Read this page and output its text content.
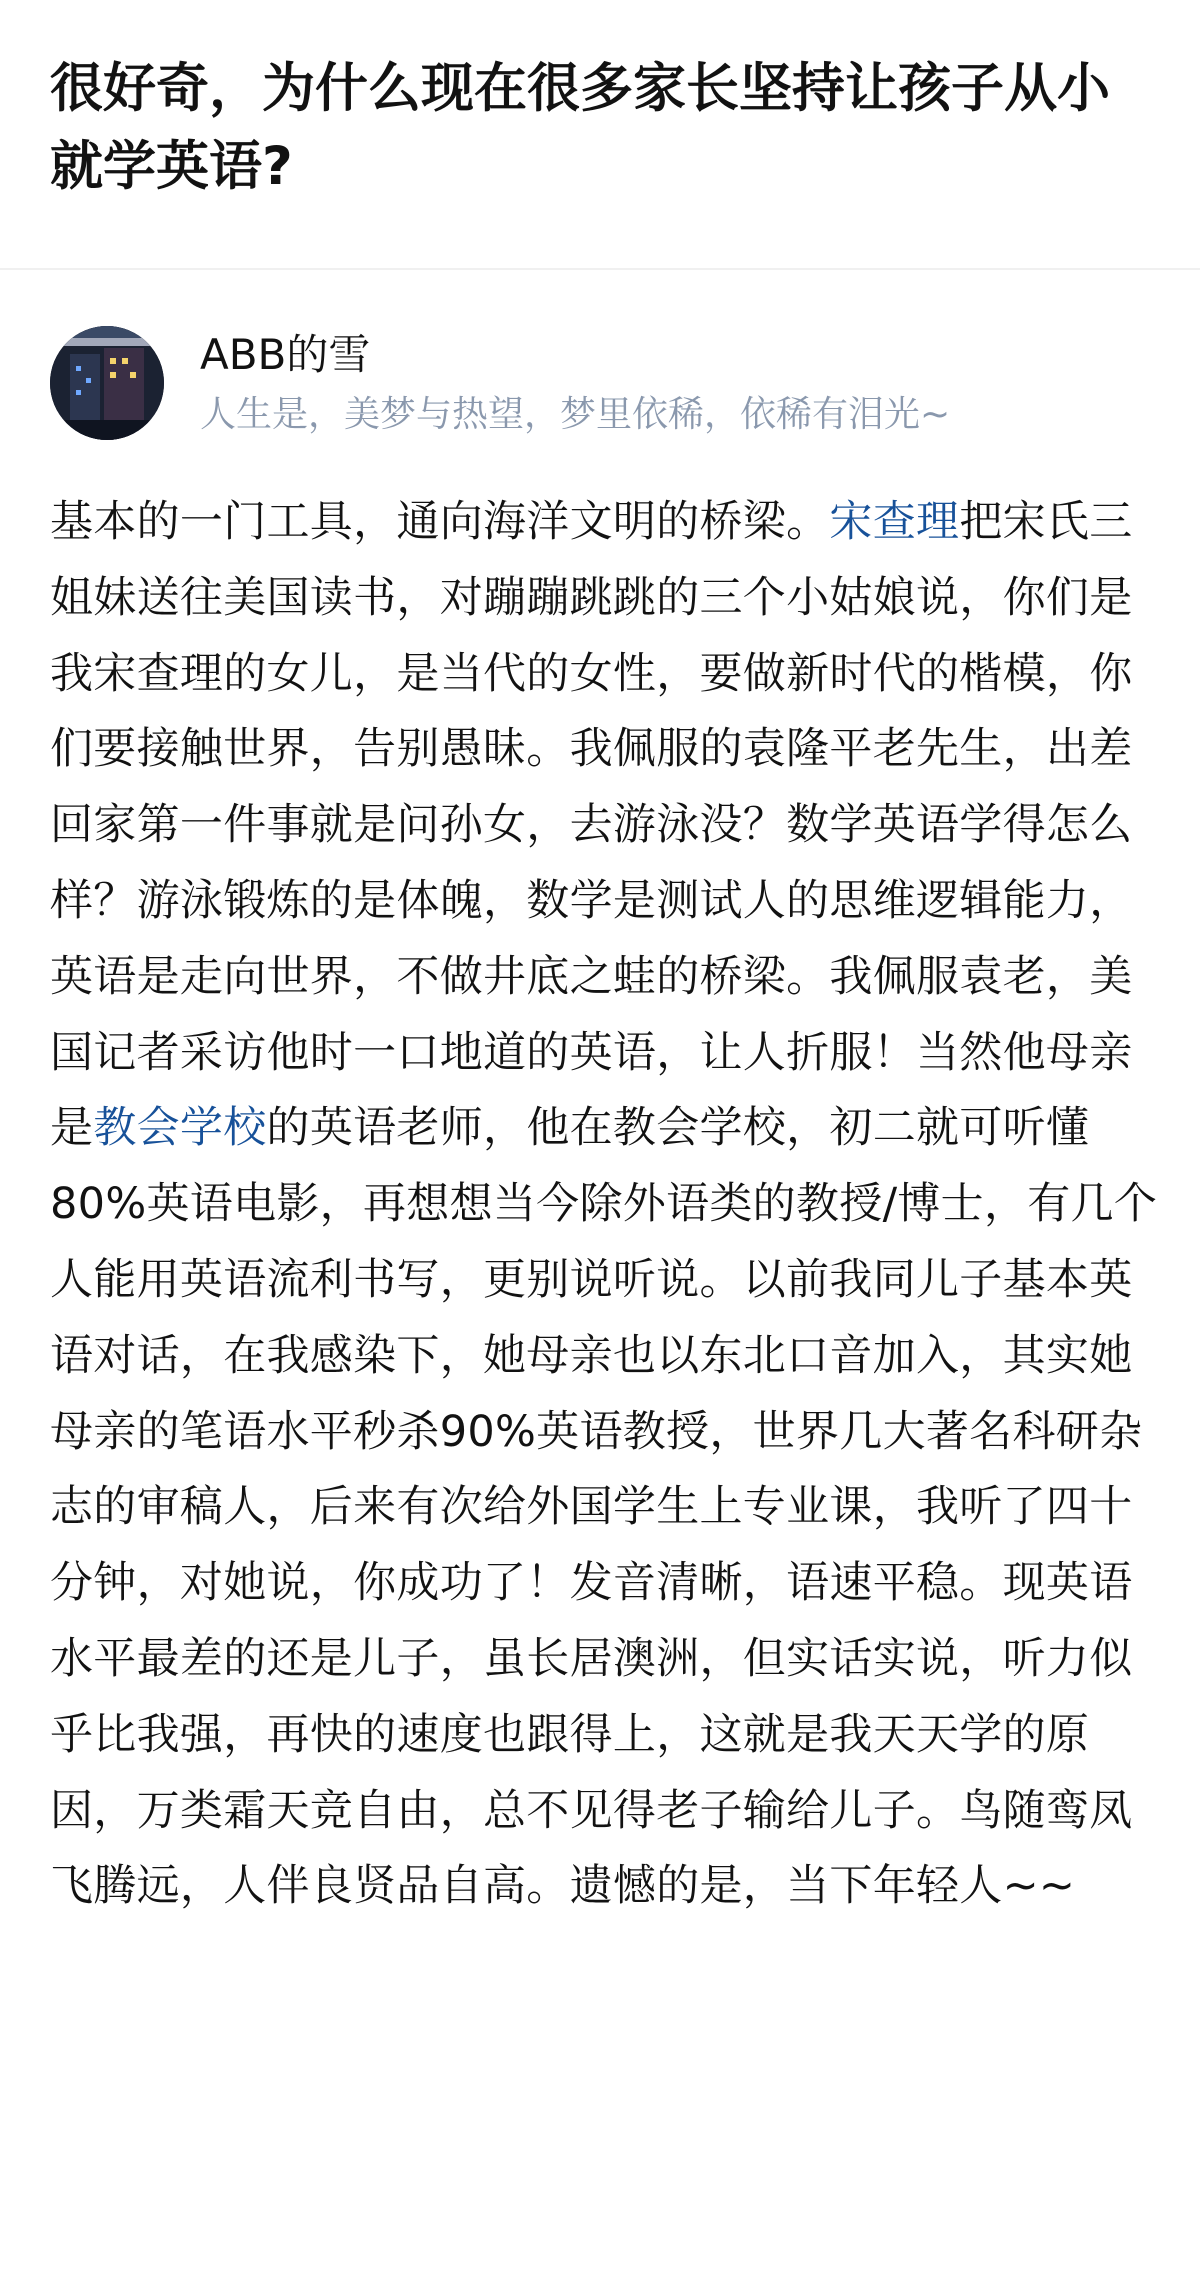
很好奇，为什么现在很多家长坚持让孩子从小就学英语?
ABB的雪
人生是，美梦与热望，梦里依稀，依稀有泪光~

基本的一门工具，通向海洋文明的桥梁。宋查理把宋氏三姐妹送往美国读书，对蹦蹦跳跳的三个小姑娘说，你们是我宋查理的女儿，是当代的女性，要做新时代的楷模，你们要接触世界，告别愚昧。我佩服的袁隆平老先生，出差回家第一件事就是问孙女，去游泳没？数学英语学得怎么样？游泳锻炼的是体魄，数学是测试人的思维逻辑能力，英语是走向世界，不做井底之蛙的桥梁。我佩服袁老，美国记者采访他时一口地道的英语，让人折服！当然他母亲是教会学校的英语老师，他在教会学校，初二就可听懂80%英语电影，再想想当今除外语类的教授/博士，有几个人能用英语流利书写，更别说听说。以前我同儿子基本英语对话，在我感染下，她母亲也以东北口音加入，其实她母亲的笔语水平秒杀90%英语教授，世界几大著名科研杂志的审稿人，后来有次给外国学生上专业课，我听了四十分钟，对她说，你成功了！发音清晰，语速平稳。现英语水平最差的还是儿子，虽长居澳洲，但实话实说，听力似乎比我强，再快的速度也跟得上，这就是我天天学的原因，万类霜天竞自由，总不见得老子输给儿子。鸟随鸾凤飞腾远，人伴良贤品自高。遗憾的是，当下年轻人~~
